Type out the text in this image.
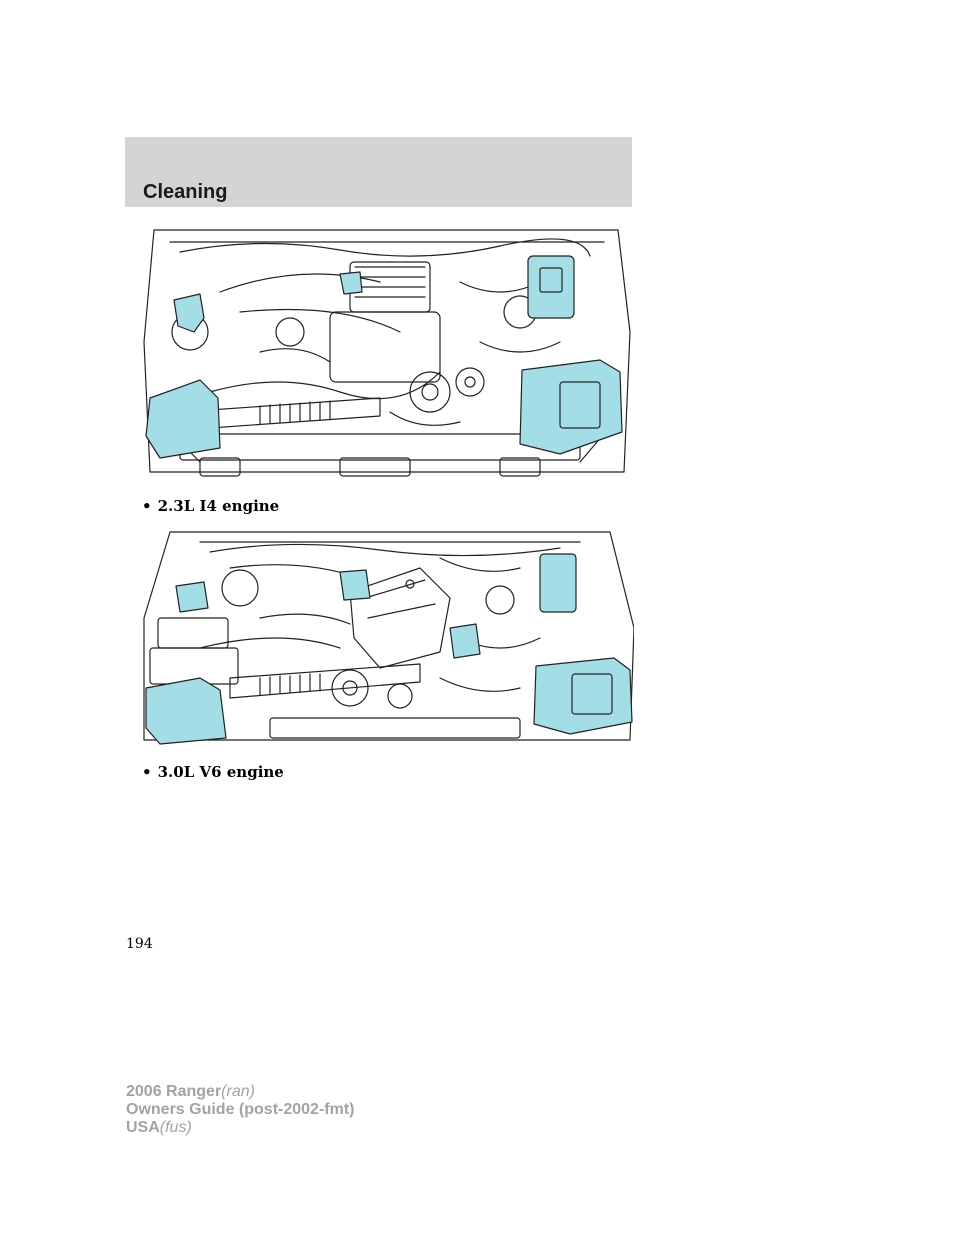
Cleaning

• 2.3L I4 engine

• 3.0L V6 engine

194

2006 Ranger(ran)
Owners Guide (post-2002-fmt)
USA(fus)
